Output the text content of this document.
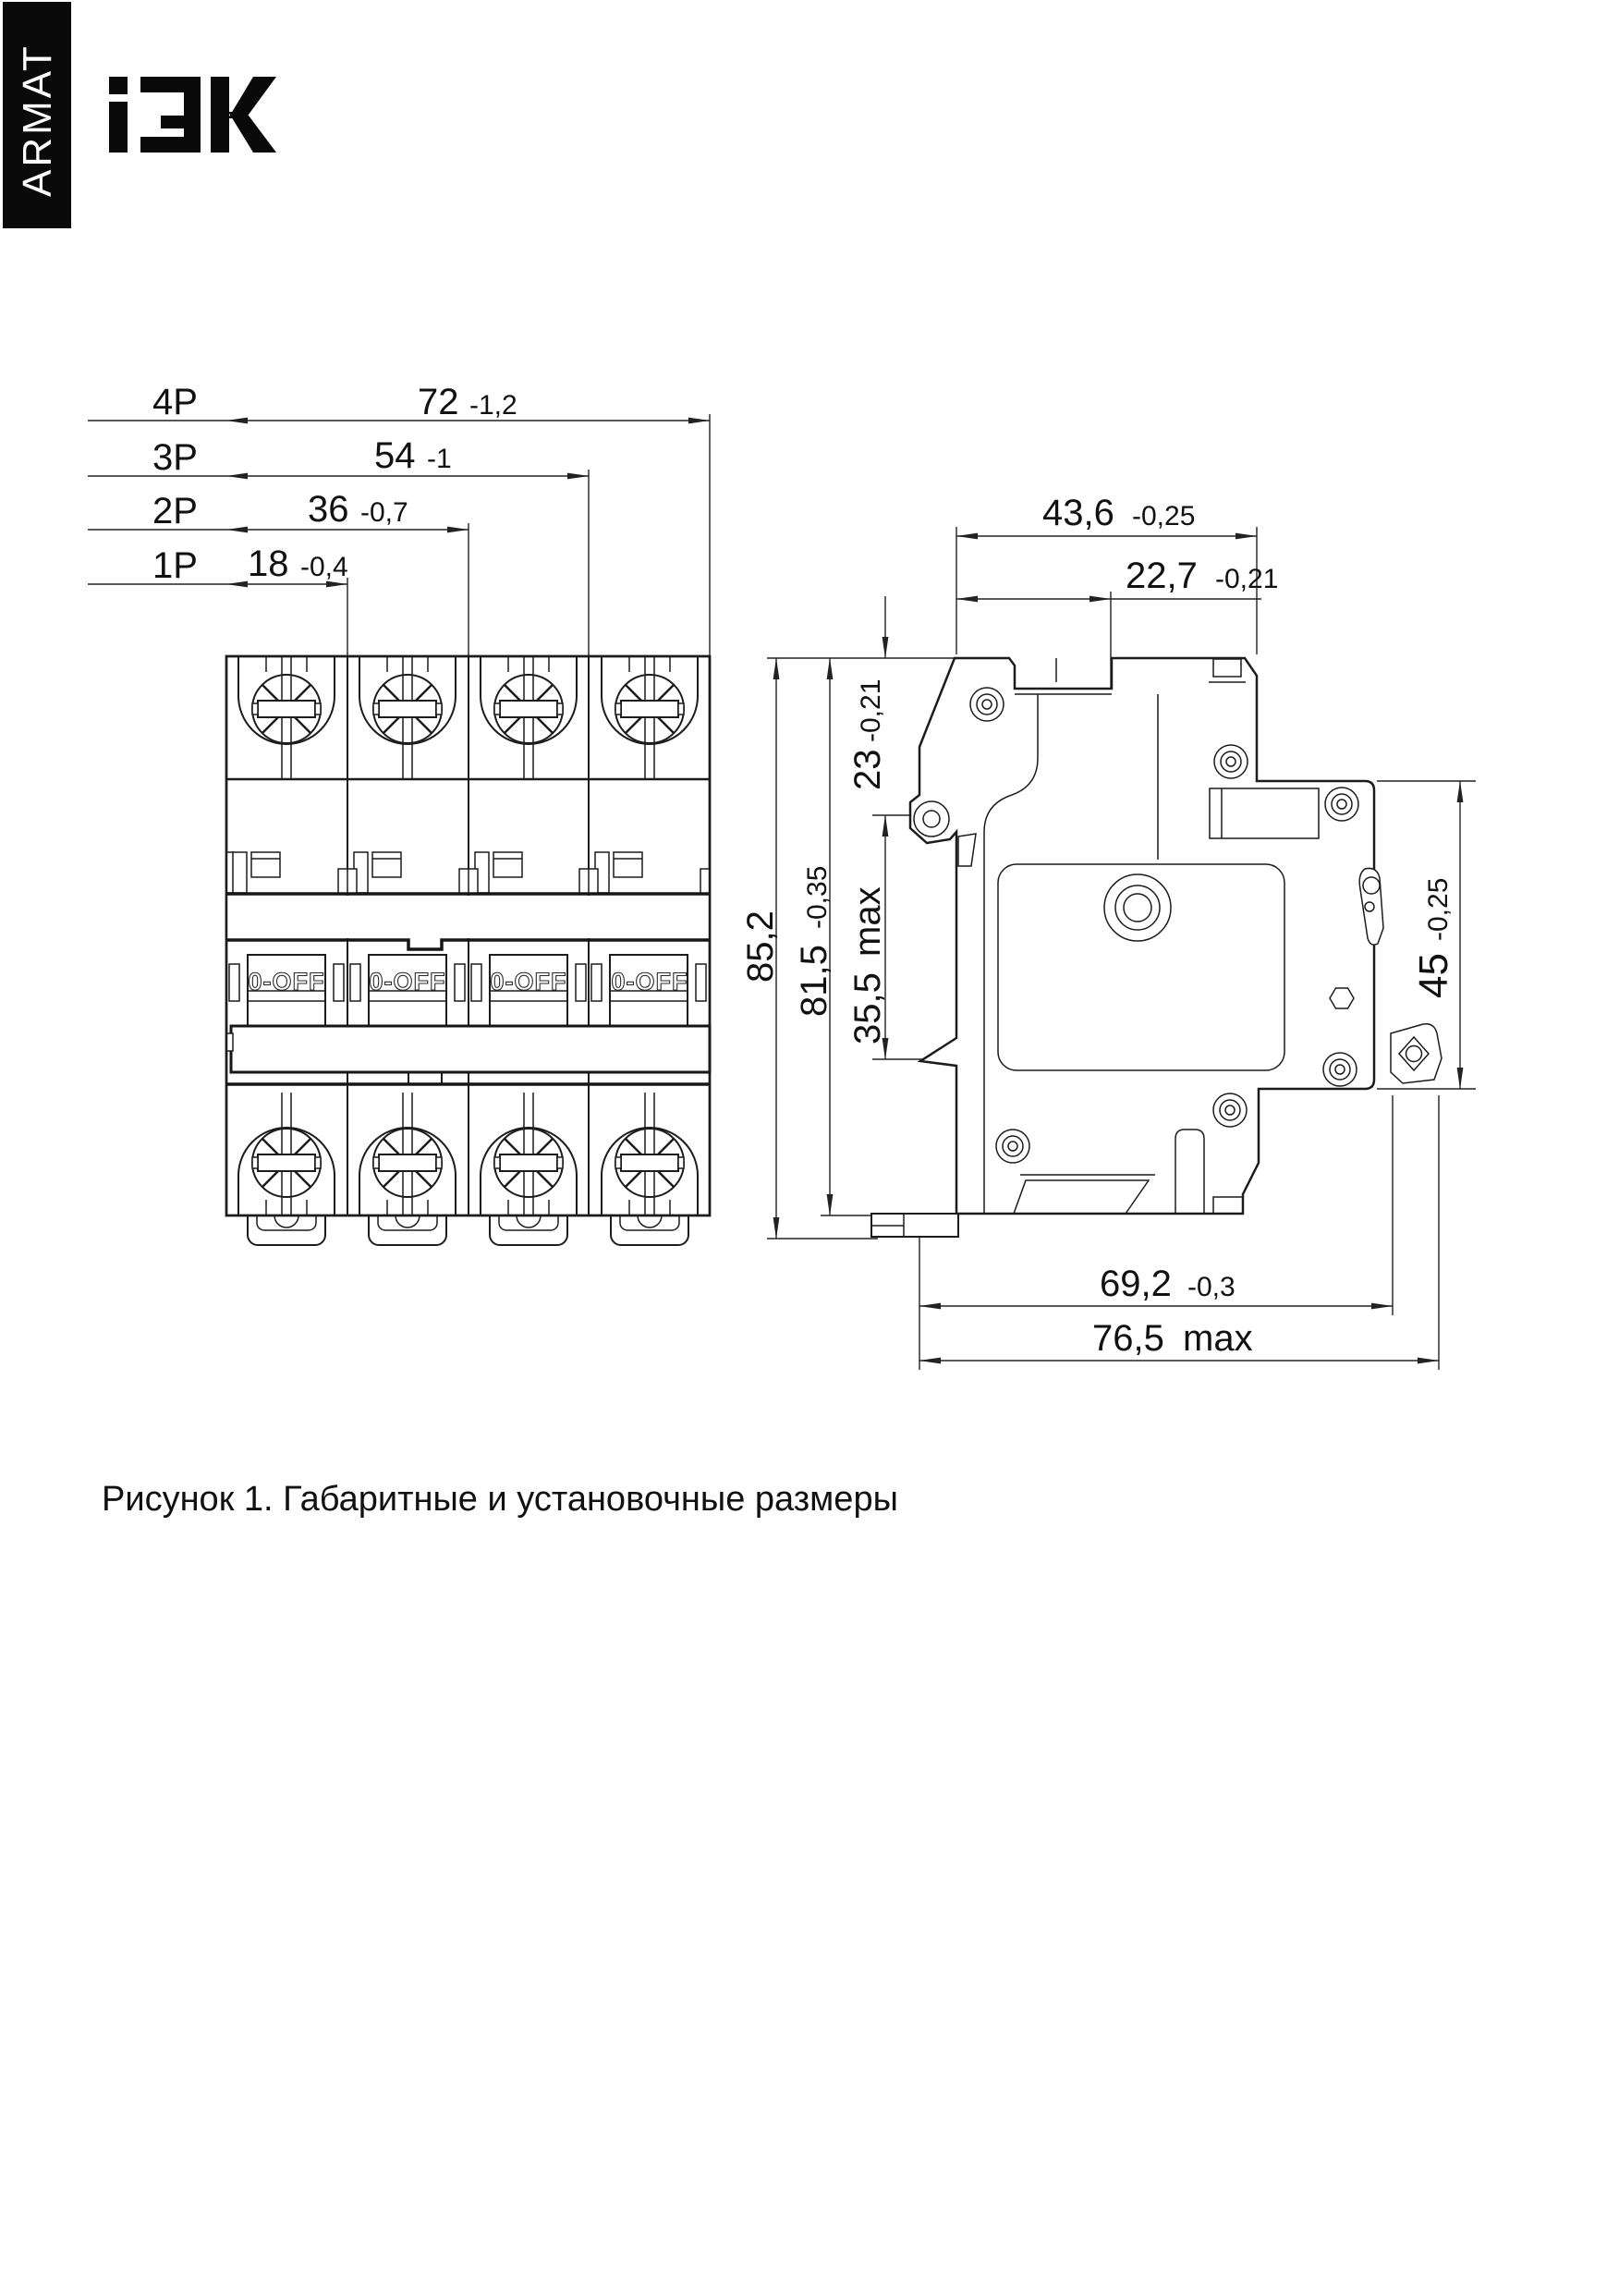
ARMAT
4P	72 -1,2
3P	54 -1
2P	36 -0,7
1P 18 -0,4
0-OFF 0-OFF 0-OFF 0-OFF
43,6 -0,25
22,7 -0,21
85,2 81,5
-0,35
23
-0,21
35,5
max
45
-0,25
69,2 -0,3
76,5 max
Рисунок 1. Габаритные и установочные размеры
